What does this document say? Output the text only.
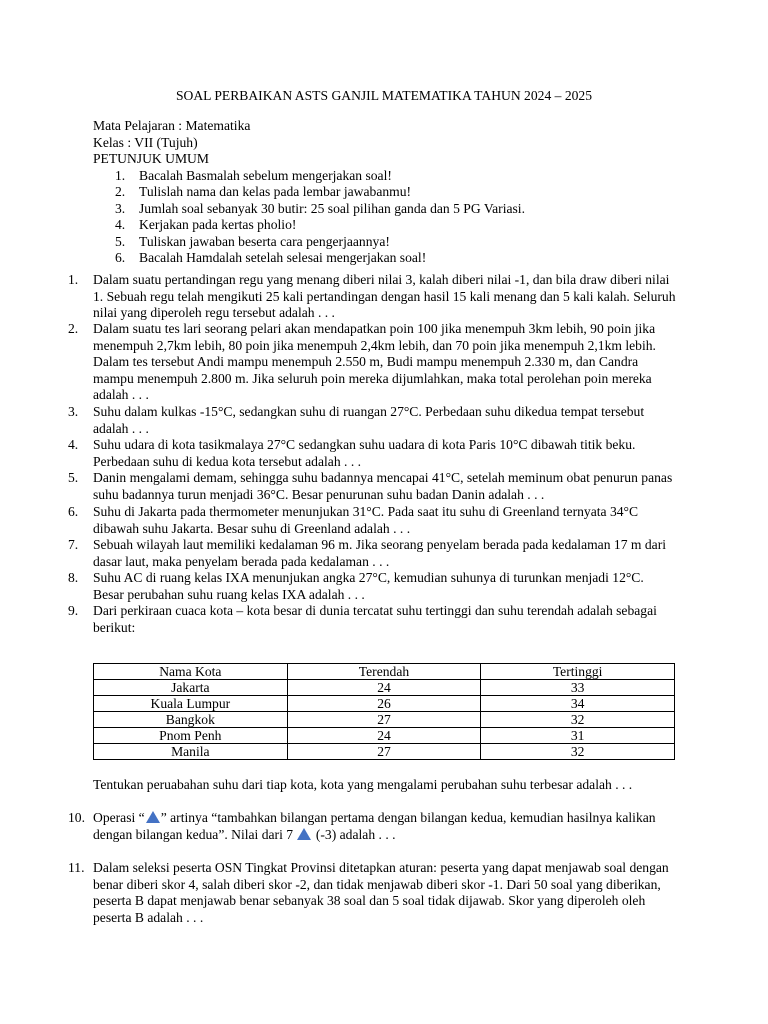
SOAL PERBAIKAN ASTS GANJIL MATEMATIKA TAHUN 2024 – 2025
Mata Pelajaran : Matematika
Kelas : VII (Tujuh)
PETUNJUK UMUM
1. Bacalah Basmalah sebelum mengerjakan soal!
2. Tulislah nama dan kelas pada lembar jawabanmu!
3. Jumlah soal sebanyak 30 butir: 25 soal pilihan ganda dan 5 PG Variasi.
4. Kerjakan pada kertas pholio!
5. Tuliskan jawaban beserta cara pengerjaannya!
6. Bacalah Hamdalah setelah selesai mengerjakan soal!
1. Dalam suatu pertandingan regu yang menang diberi nilai 3, kalah diberi nilai -1, dan bila draw diberi nilai 1. Sebuah regu telah mengikuti 25 kali pertandingan dengan hasil 15 kali menang dan 5 kali kalah. Seluruh nilai yang diperoleh regu tersebut adalah . . .
2. Dalam suatu tes lari seorang pelari akan mendapatkan poin 100 jika menempuh 3km lebih, 90 poin jika menempuh 2,7km lebih, 80 poin jika menempuh 2,4km lebih, dan 70 poin jika menempuh 2,1km lebih. Dalam tes tersebut Andi mampu menempuh 2.550 m, Budi mampu menempuh 2.330 m, dan Candra mampu menempuh 2.800 m. Jika seluruh poin mereka dijumlahkan, maka total perolehan poin mereka adalah . . .
3. Suhu dalam kulkas -15°C, sedangkan suhu di ruangan 27°C. Perbedaan suhu dikedua tempat tersebut adalah . . .
4. Suhu udara di kota tasikmalaya 27°C sedangkan suhu uadara di kota Paris 10°C dibawah titik beku. Perbedaan suhu di kedua kota tersebut adalah . . .
5. Danin mengalami demam, sehingga suhu badannya mencapai 41°C, setelah meminum obat penurun panas suhu badannya turun menjadi 36°C. Besar penurunan suhu badan Danin adalah . . .
6. Suhu di Jakarta pada thermometer menunjukan 31°C. Pada saat itu suhu di Greenland ternyata 34°C dibawah suhu Jakarta. Besar suhu di Greenland adalah . . .
7. Sebuah wilayah laut memiliki kedalaman 96 m. Jika seorang penyelam berada pada kedalaman 17 m dari dasar laut, maka penyelam berada pada kedalaman . . .
8. Suhu AC di ruang kelas IXA menunjukan angka 27°C, kemudian suhunya di turunkan menjadi 12°C. Besar perubahan suhu ruang kelas IXA adalah . . .
9. Dari perkiraan cuaca kota – kota besar di dunia tercatat suhu tertinggi dan suhu terendah adalah sebagai berikut:
Nama Kota	Terendah	Tertinggi
Jakarta	24	33
Kuala Lumpur	26	34
Bangkok	27	32
Pnom Penh	24	31
Manila	27	32
Tentukan peruabahan suhu dari tiap kota, kota yang mengalami perubahan suhu terbesar adalah . . .
10. Operasi “ ” artinya “tambahkan bilangan pertama dengan bilangan kedua, kemudian hasilnya kalikan dengan bilangan kedua”. Nilai dari 7 (-3) adalah . . .
11. Dalam seleksi peserta OSN Tingkat Provinsi ditetapkan aturan: peserta yang dapat menjawab soal dengan benar diberi skor 4, salah diberi skor -2, dan tidak menjawab diberi skor -1. Dari 50 soal yang diberikan, peserta B dapat menjawab benar sebanyak 38 soal dan 5 soal tidak dijawab. Skor yang diperoleh oleh peserta B adalah . . .
